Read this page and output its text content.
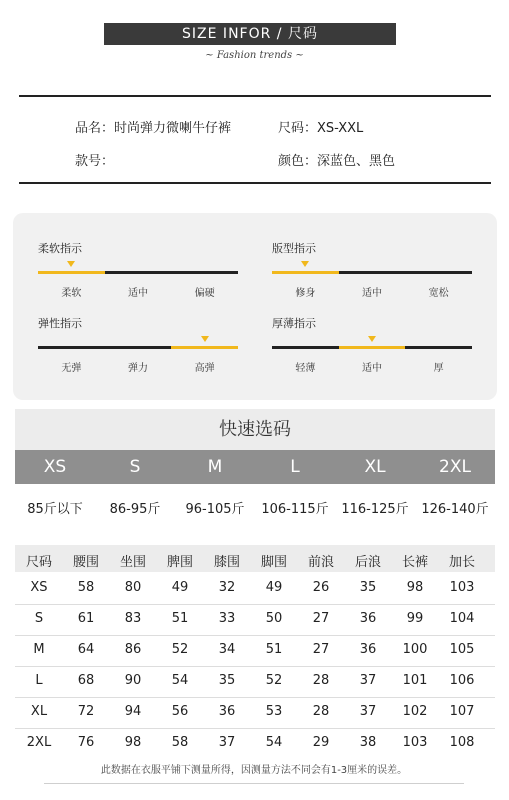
SIZE INFOR / 尺码
~ Fashion trends ~
品名：时尚弹力微喇牛仔裤	尺码：XS-XXL
款号：	颜色：深蓝色、黑色
柔软指示
柔软	适中	偏硬
版型指示
修身	适中	宽松
弹性指示
无弹	弹力	高弹
厚薄指示
轻薄	适中	厚
快速选码
XS	S	M	L	XL	2XL
85斤以下	86-95斤	96-105斤	106-115斤 116-125斤 126-140斤
尺码	腰围	坐围	脾围	膝围	脚围	前浪	后浪	长裤	加长
XS	58	80	49	32	49	26	35	98	103
S	61	83	51	33	50	27	36	99	104
M	64	86	52	34	51	27	36	100	105
L	68	90	54	35	52	28	37	101	106
XL	72	94	56	36	53	28	37	102	107
2XL	76	98	58	37	54	29	38	103	108
此数据在衣服平铺下测量所得，因测量方法不同会有1-3厘米的误差。
